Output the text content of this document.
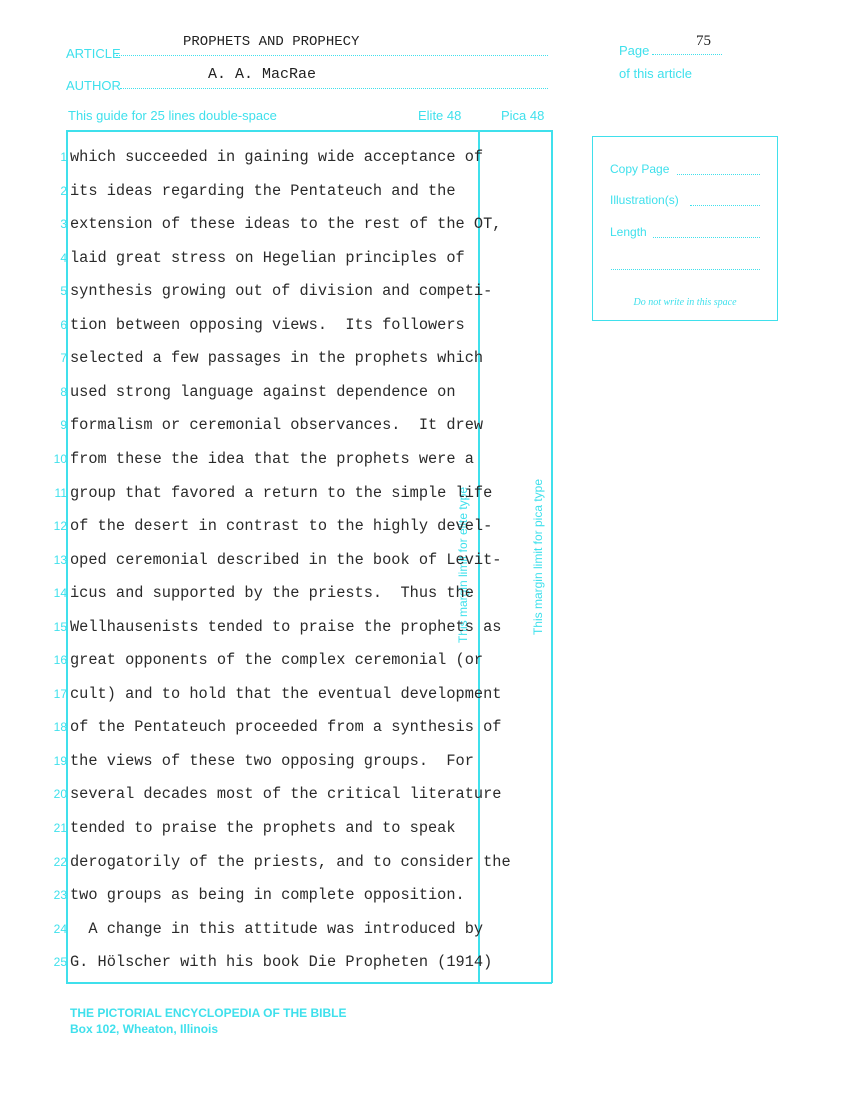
ARTICLE
PROPHETS AND PROPHECY
AUTHOR
A. A. MacRae
This guide for 25 lines double-space	Elite 48	Pica 48
This margin limit for elite type	This margin limit for pica type
1 which succeeded in gaining wide acceptance of
2 its ideas regarding the Pentateuch and the
3 extension of these ideas to the rest of the OT,
4 laid great stress on Hegelian principles of
5 synthesis growing out of division and competi-
6 tion between opposing views.  Its followers
7 selected a few passages in the prophets which
8 used strong language against dependence on
9 formalism or ceremonial observances.  It drew
10 from these the idea that the prophets were a
11 group that favored a return to the simple life
12 of the desert in contrast to the highly devel-
13 oped ceremonial described in the book of Levit-
14 icus and supported by the priests.  Thus the
15 Wellhausenists tended to praise the prophets as
16 great opponents of the complex ceremonial (or
17 cult) and to hold that the eventual development
18 of the Pentateuch proceeded from a synthesis of
19 the views of these two opposing groups.  For
20 several decades most of the critical literature
21 tended to praise the prophets and to speak
22 derogatorily of the priests, and to consider the
23 two groups as being in complete opposition.
24 A change in this attitude was introduced by
25 G. Hölscher with his book Die Propheten (1914)
Page
75
of this article
Copy Page
Illustration(s)
Length
Do not write in this space
THE PICTORIAL ENCYCLOPEDIA OF THE BIBLE
Box 102, Wheaton, Illinois
